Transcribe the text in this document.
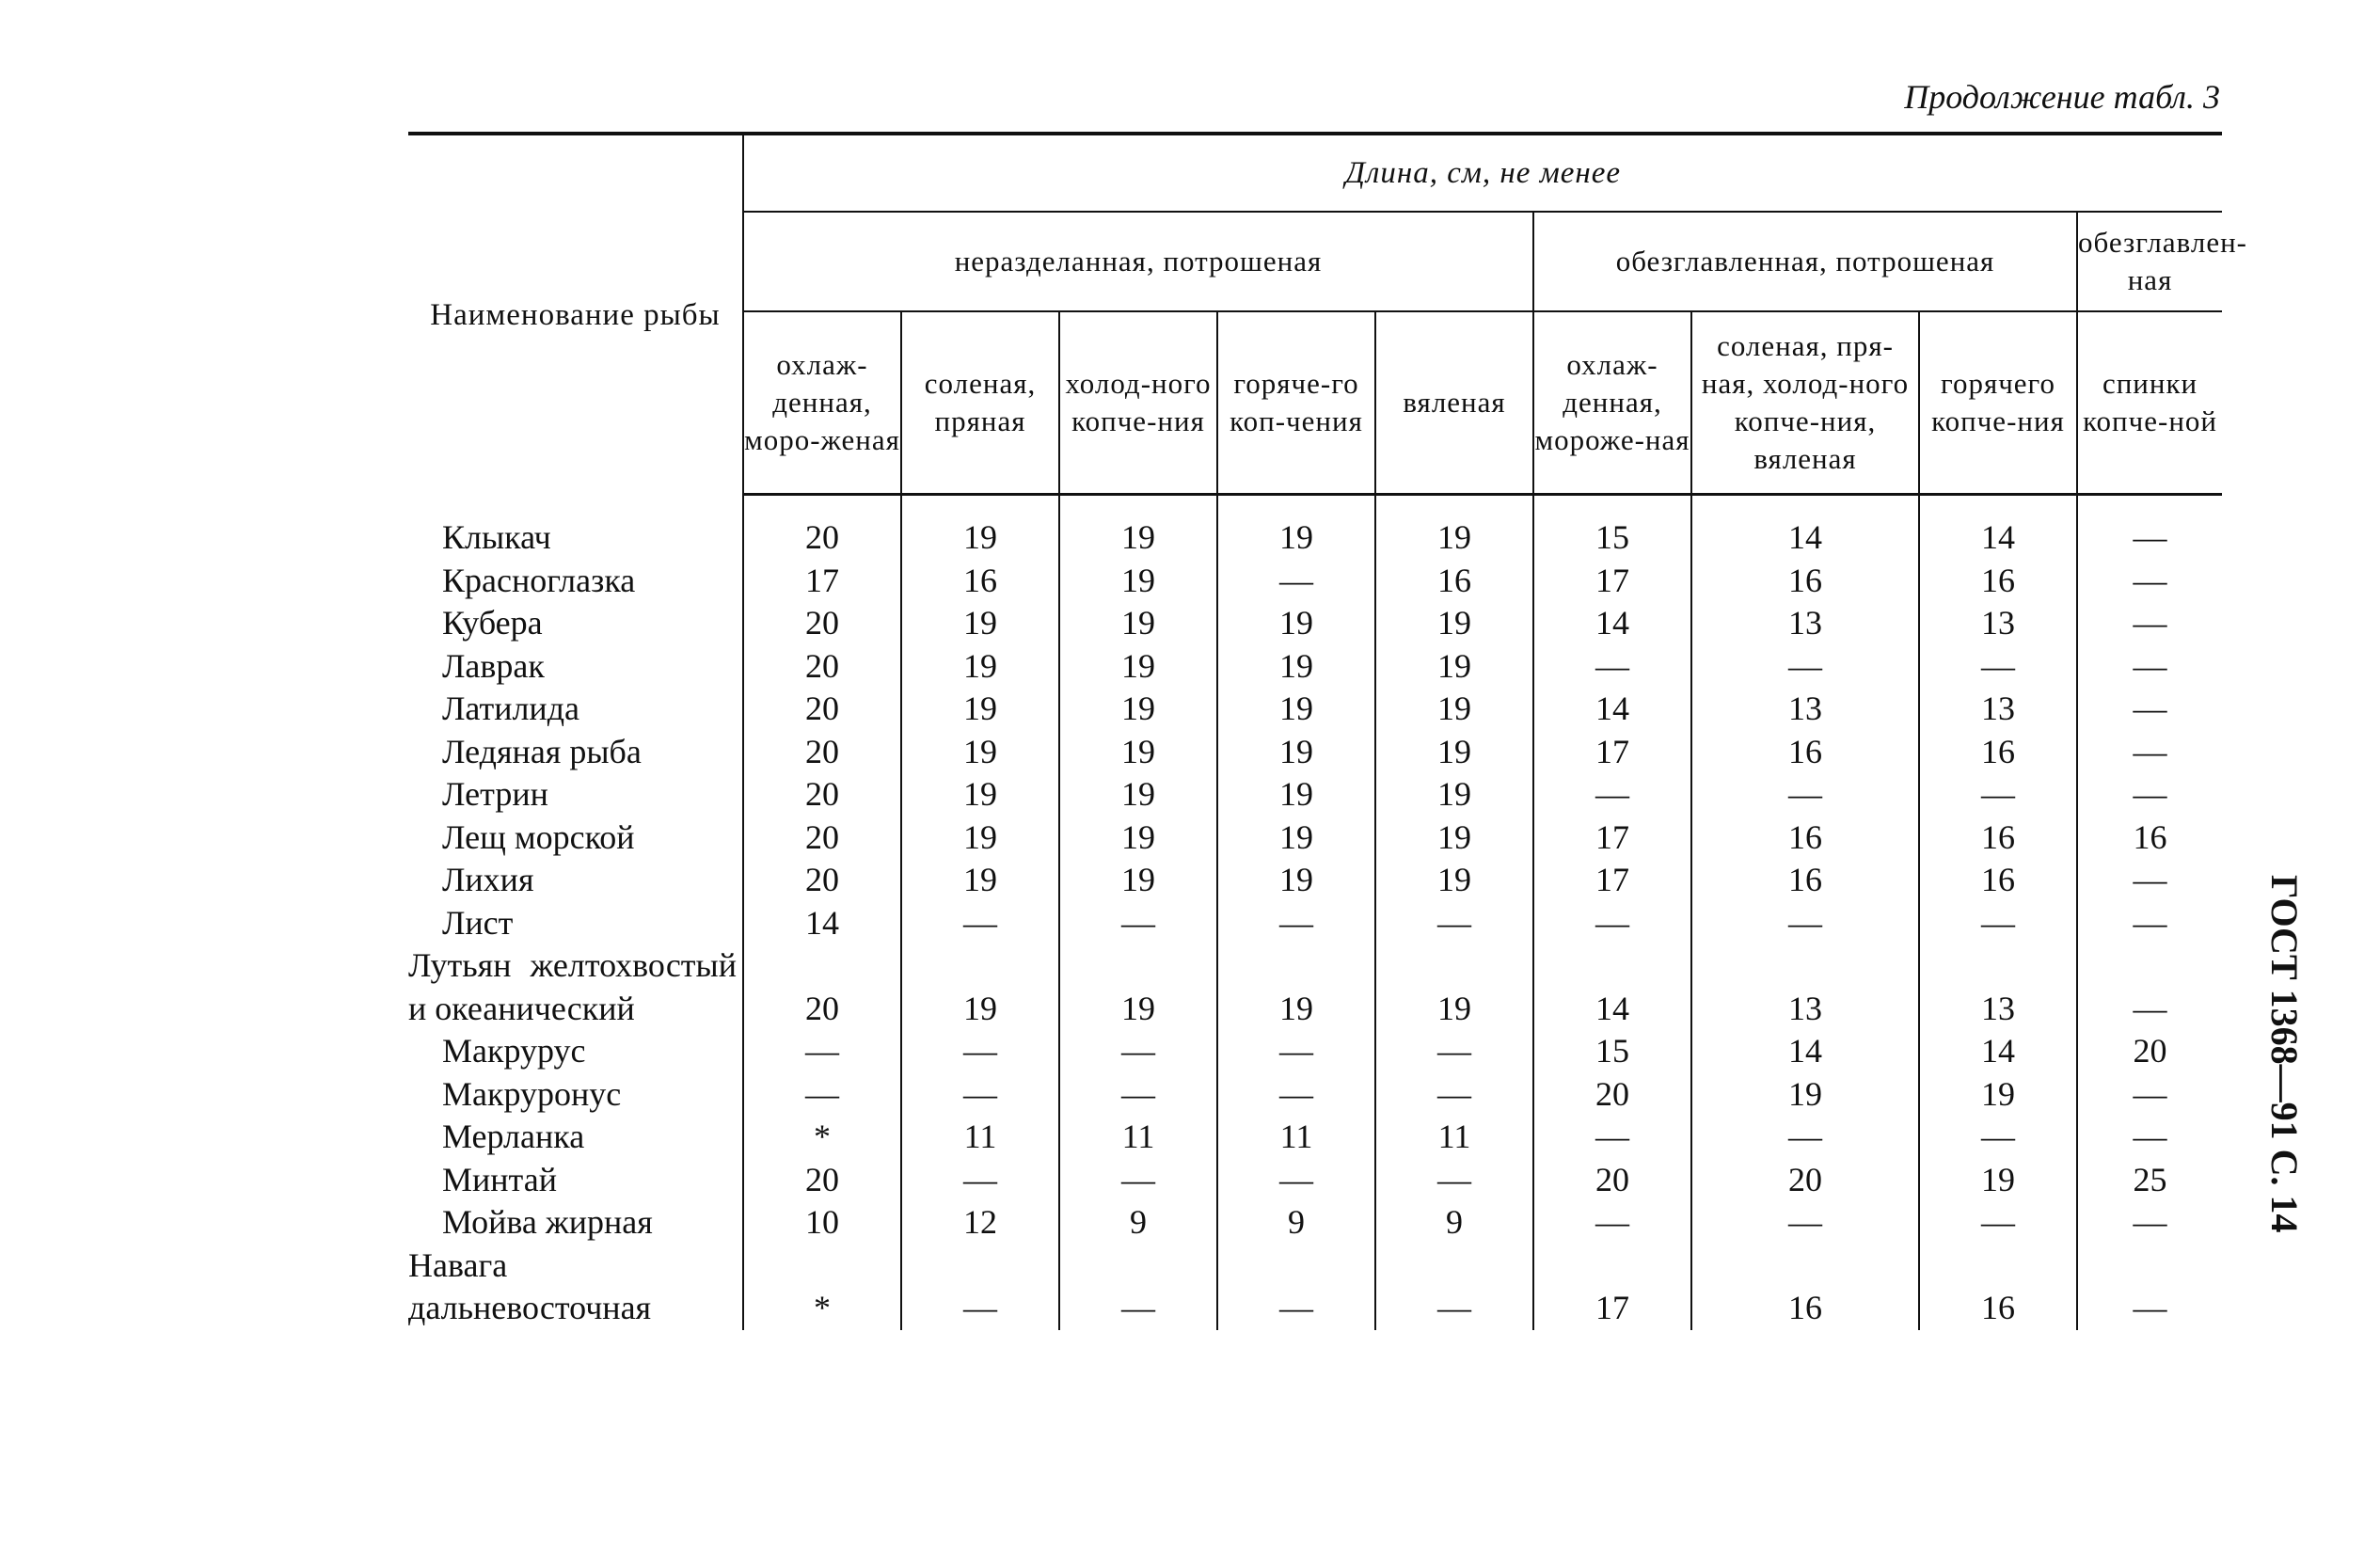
Продолжение табл. 3
ГОСТ 1368—91 С. 14
Наименование рыбы	Длина, см, не менее								
	неразделанная, потрошеная					обезглавленная, потрошеная			обезглавлен-ная
	охлаж-денная, моро-женая	соленая, пряная	холод-ного копче-ния	горяче-го коп-чения	вяленая	охлаж-денная, мороже-ная	соленая, пря-ная, холод-ного копче-ния, вяленая	горячего копче-ния	спинки копче-ной
Клыкач	20	19	19	19	19	15	14	14	—
Красноглазка	17	16	19	—	16	17	16	16	—
Кубера	20	19	19	19	19	14	13	13	—
Лаврак	20	19	19	19	19	—	—	—	—
Латилида	20	19	19	19	19	14	13	13	—
Ледяная рыба	20	19	19	19	19	17	16	16	—
Летрин	20	19	19	19	19	—	—	—	—
Лещ морской	20	19	19	19	19	17	16	16	16
Лихия	20	19	19	19	19	17	16	16	—
Лист	14	—	—	—	—	—	—	—	—
Лутьян желтохвостый и океанический	20	19	19	19	19	14	13	13	—
Макрурус	—	—	—	—	—	15	14	14	20
Макруронус	—	—	—	—	—	20	19	19	—
Мерланка	*	11	11	11	11	—	—	—	—
Минтай	20	—	—	—	—	20	20	19	25
Мойва жирная	10	12	9	9	9	—	—	—	—
Навага дальневосточная	*	—	—	—	—	17	16	16	—
